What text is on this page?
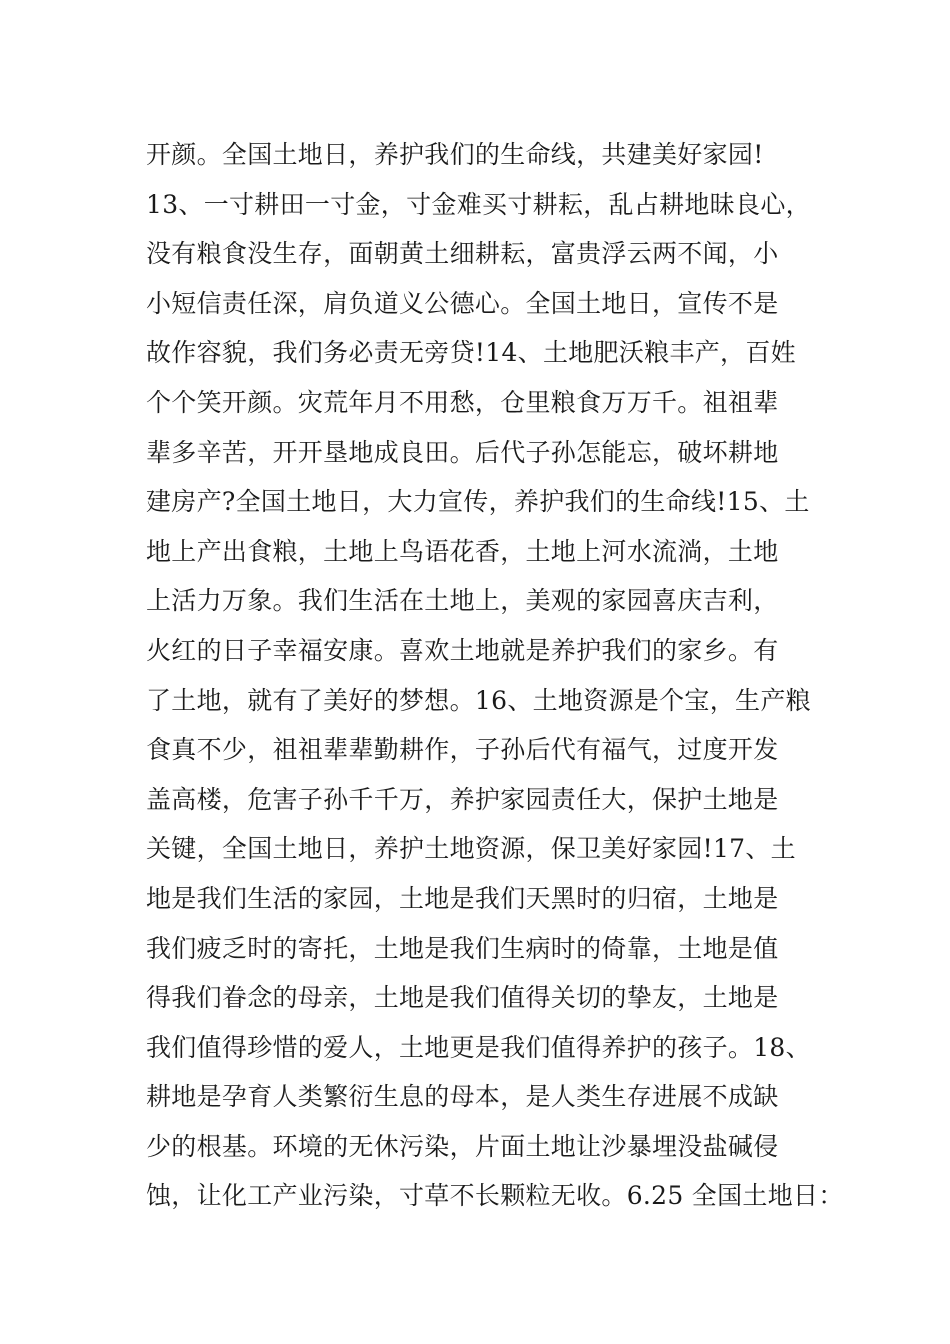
开颜。全国土地日，养护我们的生命线，共建美好家园!
13、一寸耕田一寸金，寸金难买寸耕耘，乱占耕地昧良心，
没有粮食没生存，面朝黄土细耕耘，富贵浮云两不闻，小
小短信责任深，肩负道义公德心。全国土地日，宣传不是
故作容貌，我们务必责无旁贷!14、土地肥沃粮丰产，百姓
个个笑开颜。灾荒年月不用愁，仓里粮食万万千。祖祖辈
辈多辛苦，开开垦地成良田。后代子孙怎能忘，破坏耕地
建房产?全国土地日，大力宣传，养护我们的生命线!15、土
地上产出食粮，土地上鸟语花香，土地上河水流淌，土地
上活力万象。我们生活在土地上，美观的家园喜庆吉利，
火红的日子幸福安康。喜欢土地就是养护我们的家乡。有
了土地，就有了美好的梦想。16、土地资源是个宝，生产粮
食真不少，祖祖辈辈勤耕作，子孙后代有福气，过度开发
盖高楼，危害子孙千千万，养护家园责任大，保护土地是
关键，全国土地日，养护土地资源，保卫美好家园!17、土
地是我们生活的家园，土地是我们天黑时的归宿，土地是
我们疲乏时的寄托，土地是我们生病时的倚靠，土地是值
得我们眷念的母亲，土地是我们值得关切的挚友，土地是
我们值得珍惜的爱人，土地更是我们值得养护的孩子。18、
耕地是孕育人类繁衍生息的母本，是人类生存进展不成缺
少的根基。环境的无休污染，片面土地让沙暴埋没盐碱侵
蚀，让化工产业污染，寸草不长颗粒无收。6.25 全国土地日：
